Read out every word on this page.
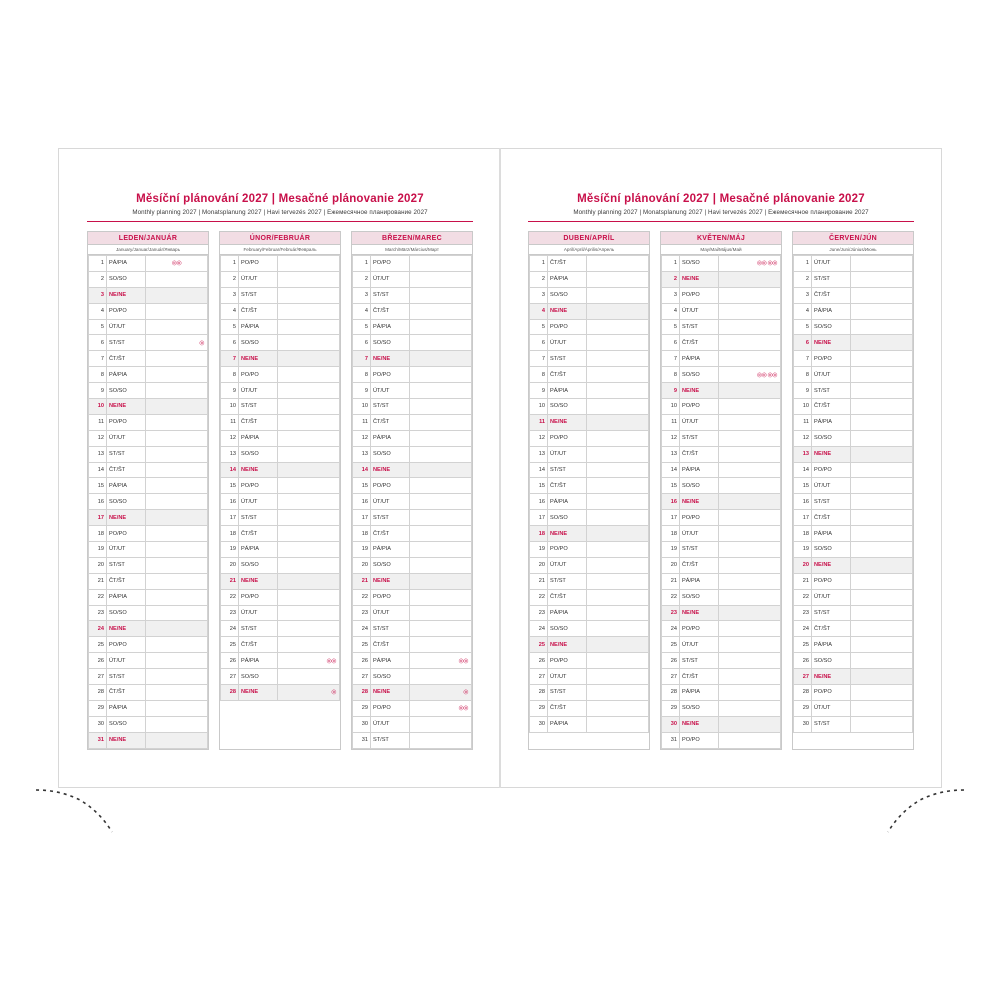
Měsíční plánování 2027 | Mesačné plánovanie 2027
Monthly planning 2027 | Monatsplanung 2027 | Havi tervezés 2027 | Ежемесячное планирование 2027
LEDEN/JANUÁR
January/Januar/Január/Январь
1	PÁ/PIA	◎◎

2	SO/SO	
3	NE/NE	
4	PO/PO	
5	ÚT/UT	
6	ST/ST	◎

7	ČT/ŠT	
8	PÁ/PIA	
9	SO/SO	
10	NE/NE	
11	PO/PO	
12	ÚT/UT	
13	ST/ST	
14	ČT/ŠT	
15	PÁ/PIA	
16	SO/SO	
17	NE/NE	
18	PO/PO	
19	ÚT/UT	
20	ST/ST	
21	ČT/ŠT	
22	PÁ/PIA	
23	SO/SO	
24	NE/NE	
25	PO/PO	
26	ÚT/UT	
27	ST/ST	
28	ČT/ŠT	
29	PÁ/PIA	
30	SO/SO	
31	NE/NE	
ÚNOR/FEBRUÁR
February/Februar/Február/Февраль
1	PO/PO	
2	ÚT/UT	
3	ST/ST	
4	ČT/ŠT	
5	PÁ/PIA	
6	SO/SO	
7	NE/NE	
8	PO/PO	
9	ÚT/UT	
10	ST/ST	
11	ČT/ŠT	
12	PÁ/PIA	
13	SO/SO	
14	NE/NE	
15	PO/PO	
16	ÚT/UT	
17	ST/ST	
18	ČT/ŠT	
19	PÁ/PIA	
20	SO/SO	
21	NE/NE	
22	PO/PO	
23	ÚT/UT	
24	ST/ST	
25	ČT/ŠT	
26	PÁ/PIA	◎◎

27	SO/SO	
28	NE/NE	◎

BŘEZEN/MAREC
March/März/Március/Март
1	PO/PO	
2	ÚT/UT	
3	ST/ST	
4	ČT/ŠT	
5	PÁ/PIA	
6	SO/SO	
7	NE/NE	
8	PO/PO	
9	ÚT/UT	
10	ST/ST	
11	ČT/ŠT	
12	PÁ/PIA	
13	SO/SO	
14	NE/NE	
15	PO/PO	
16	ÚT/UT	
17	ST/ST	
18	ČT/ŠT	
19	PÁ/PIA	
20	SO/SO	
21	NE/NE	
22	PO/PO	
23	ÚT/UT	
24	ST/ST	
25	ČT/ŠT	
26	PÁ/PIA	◎◎

27	SO/SO	
28	NE/NE	◎

29	PO/PO	◎◎

30	ÚT/UT	
31	ST/ST	
Měsíční plánování 2027 | Mesačné plánovanie 2027
Monthly planning 2027 | Monatsplanung 2027 | Havi tervezés 2027 | Ежемесячное планирование 2027
DUBEN/APRÍL
April/April/Április/Апрель
1	ČT/ŠT	
2	PÁ/PIA	
3	SO/SO	
4	NE/NE	
5	PO/PO	
6	ÚT/UT	
7	ST/ST	
8	ČT/ŠT	
9	PÁ/PIA	
10	SO/SO	
11	NE/NE	
12	PO/PO	
13	ÚT/UT	
14	ST/ST	
15	ČT/ŠT	
16	PÁ/PIA	
17	SO/SO	
18	NE/NE	
19	PO/PO	
20	ÚT/UT	
21	ST/ST	
22	ČT/ŠT	
23	PÁ/PIA	
24	SO/SO	
25	NE/NE	
26	PO/PO	
27	ÚT/UT	
28	ST/ST	
29	ČT/ŠT	
30	PÁ/PIA	

KVĚTEN/MÁJ
May/Mai/Május/Май
1	SO/SO	◎◎ ◎◎

2	NE/NE	
3	PO/PO	
4	ÚT/UT	
5	ST/ST	
6	ČT/ŠT	
7	PÁ/PIA	
8	SO/SO	◎◎ ◎◎

9	NE/NE	
10	PO/PO	
11	ÚT/UT	
12	ST/ST	
13	ČT/ŠT	
14	PÁ/PIA	
15	SO/SO	
16	NE/NE	
17	PO/PO	
18	ÚT/UT	
19	ST/ST	
20	ČT/ŠT	
21	PÁ/PIA	
22	SO/SO	
23	NE/NE	
24	PO/PO	
25	ÚT/UT	
26	ST/ST	
27	ČT/ŠT	
28	PÁ/PIA	
29	SO/SO	
30	NE/NE	
31	PO/PO	
ČERVEN/JÚN
June/Juni/Június/Июнь
1	ÚT/UT	
2	ST/ST	
3	ČT/ŠT	
4	PÁ/PIA	
5	SO/SO	
6	NE/NE	
7	PO/PO	
8	ÚT/UT	
9	ST/ST	
10	ČT/ŠT	
11	PÁ/PIA	
12	SO/SO	
13	NE/NE	
14	PO/PO	
15	ÚT/UT	
16	ST/ST	
17	ČT/ŠT	
18	PÁ/PIA	
19	SO/SO	
20	NE/NE	
21	PO/PO	
22	ÚT/UT	
23	ST/ST	
24	ČT/ŠT	
25	PÁ/PIA	
26	SO/SO	
27	NE/NE	
28	PO/PO	
29	ÚT/UT	
30	ST/ST	
